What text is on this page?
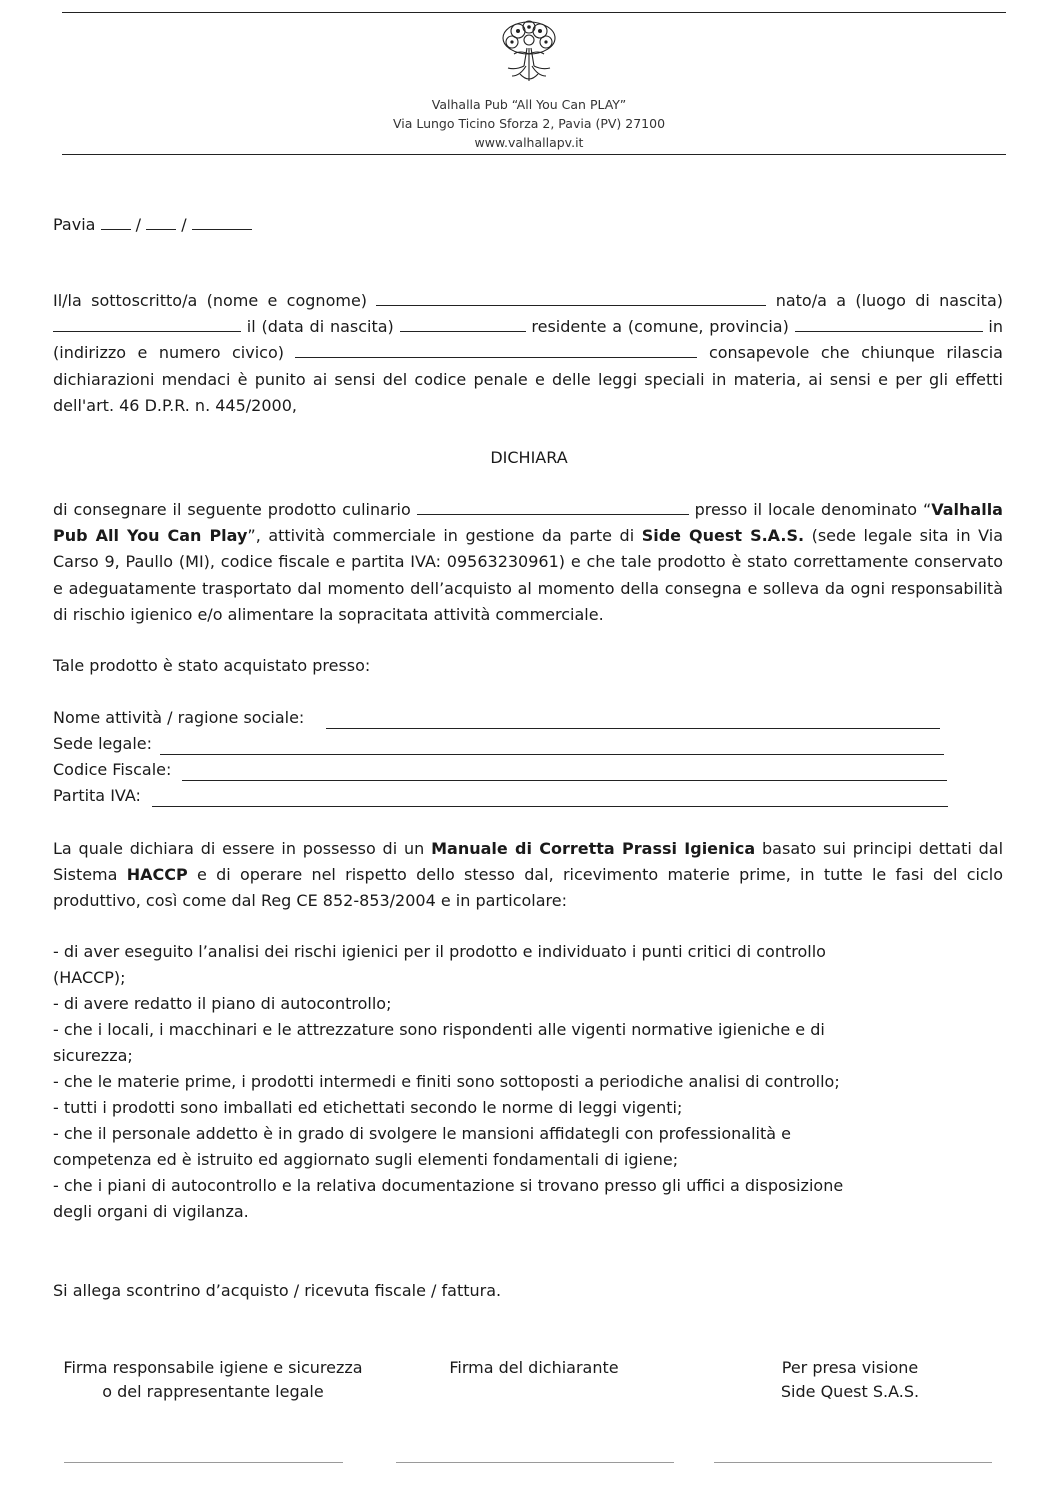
Valhalla Pub “All You Can PLAY”
Via Lungo Ticino Sforza 2, Pavia (PV) 27100
www.valhallapv.it
Pavia	/	/
Il/la sottoscritto/a (nome e cognome)	nato/a a (luogo di nascita)  il (data di nascita)	residente a (comune, provincia)	in (indirizzo e numero civico)	consapevole che chiunque rilascia dichiarazioni mendaci è punito ai sensi del codice penale e delle leggi speciali in materia, ai sensi e per gli effetti dell'art. 46 D.P.R. n. 445/2000,
DICHIARA
di consegnare il seguente prodotto culinario	presso il locale denominato “Valhalla Pub All You Can Play”, attività commerciale in gestione da parte di Side Quest S.A.S. (sede legale sita in Via Carso 9, Paullo (MI), codice fiscale e partita IVA: 09563230961) e che tale prodotto è stato correttamente conservato e adeguatamente trasportato dal momento dell’acquisto al momento della consegna e solleva da ogni responsabilità di rischio igienico e/o alimentare la sopracitata attività commerciale.
Tale prodotto è stato acquistato presso:
Nome attività / ragione sociale:
Sede legale:
Codice Fiscale:
Partita IVA:
La quale dichiara di essere in possesso di un Manuale di Corretta Prassi Igienica basato sui principi dettati dal Sistema HACCP e di operare nel rispetto dello stesso dal, ricevimento materie prime, in tutte le fasi del ciclo produttivo, così come dal Reg CE 852-853/2004 e in particolare:
- di aver eseguito l’analisi dei rischi igienici per il prodotto e individuato i punti critici di controllo
(HACCP);
- di avere redatto il piano di autocontrollo;
- che i locali, i macchinari e le attrezzature sono rispondenti alle vigenti normative igieniche e di
sicurezza;
- che le materie prime, i prodotti intermedi e finiti sono sottoposti a periodiche analisi di controllo;
- tutti i prodotti sono imballati ed etichettati secondo le norme di leggi vigenti;
- che il personale addetto è in grado di svolgere le mansioni affidategli con professionalità e
competenza ed è istruito ed aggiornato sugli elementi fondamentali di igiene;
- che i piani di autocontrollo e la relativa documentazione si trovano presso gli uffici a disposizione
degli organi di vigilanza.
Si allega scontrino d’acquisto / ricevuta fiscale / fattura.
Firma responsabile igiene e sicurezza
o del rappresentante legale
Firma del dichiarante	Per presa visione
Side Quest S.A.S.
